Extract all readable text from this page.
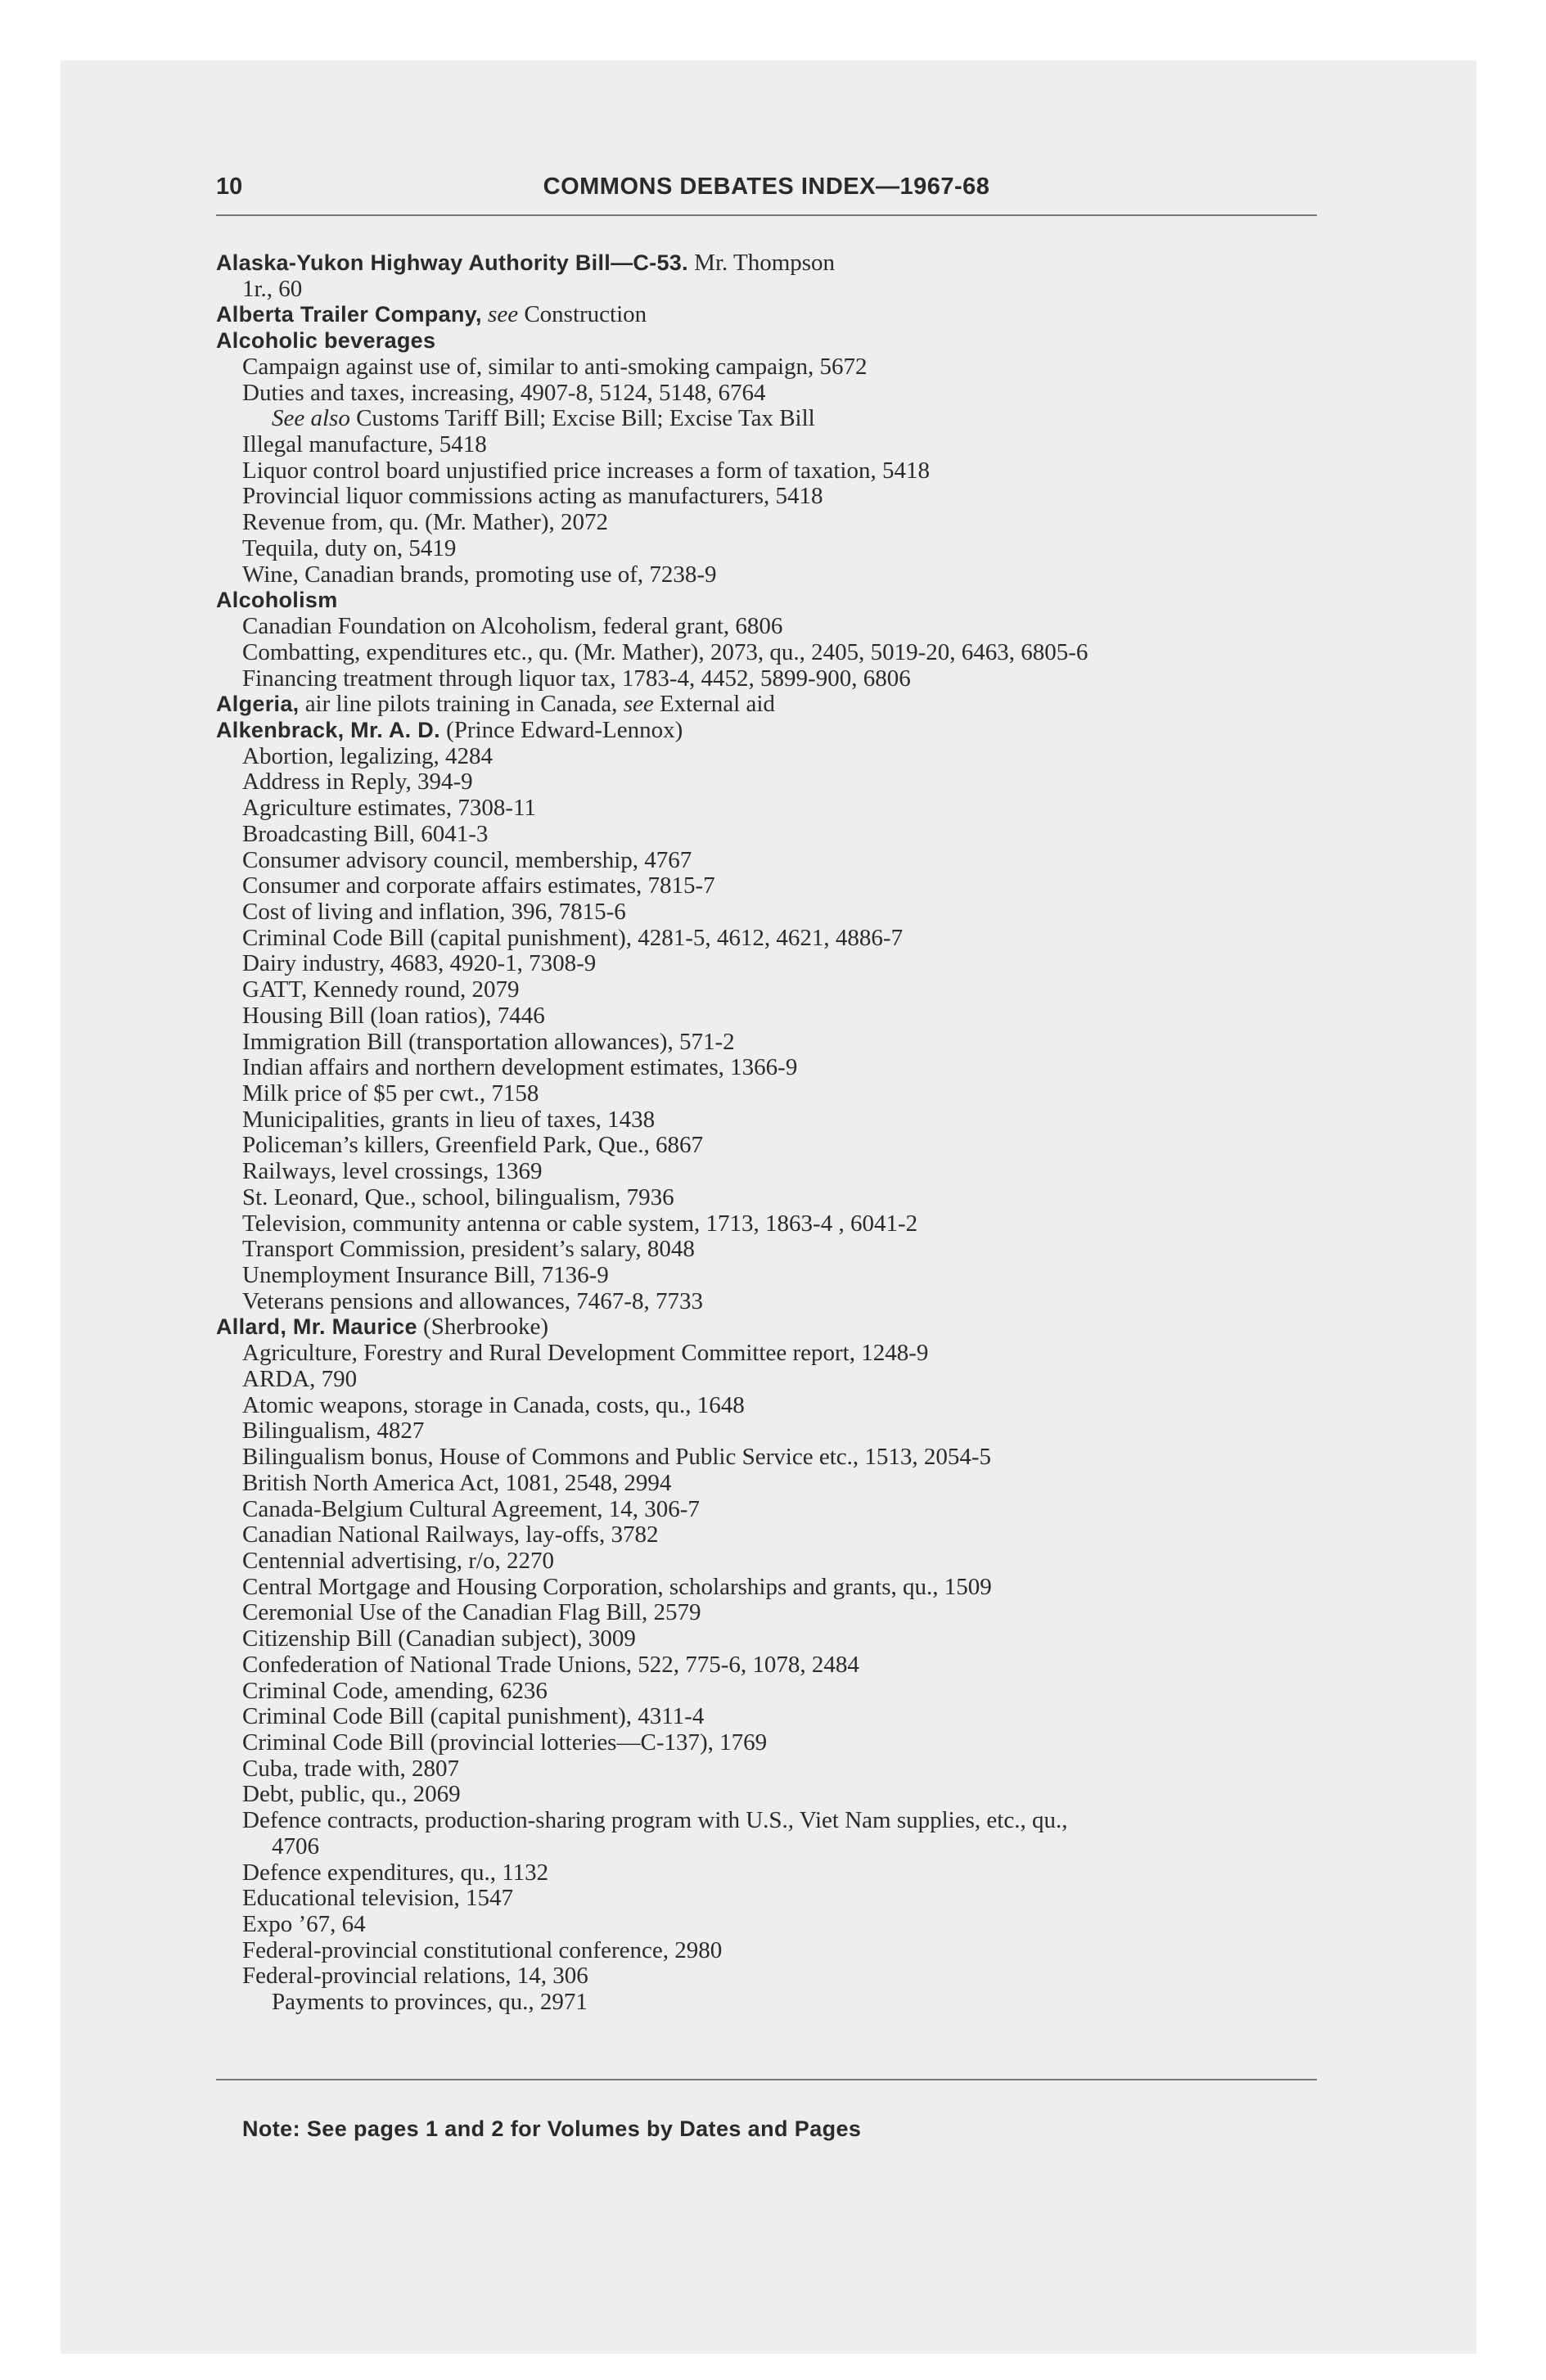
10	COMMONS DEBATES INDEX—1967-68
Alaska-Yukon Highway Authority Bill—C-53. Mr. Thompson
1r., 60
Alberta Trailer Company, see Construction
Alcoholic beverages
Campaign against use of, similar to anti-smoking campaign, 5672
Duties and taxes, increasing, 4907-8, 5124, 5148, 6764
See also Customs Tariff Bill; Excise Bill; Excise Tax Bill
Illegal manufacture, 5418
Liquor control board unjustified price increases a form of taxation, 5418
Provincial liquor commissions acting as manufacturers, 5418
Revenue from, qu. (Mr. Mather), 2072
Tequila, duty on, 5419
Wine, Canadian brands, promoting use of, 7238-9
Alcoholism
Canadian Foundation on Alcoholism, federal grant, 6806
Combatting, expenditures etc., qu. (Mr. Mather), 2073, qu., 2405, 5019-20, 6463, 6805-6
Financing treatment through liquor tax, 1783-4, 4452, 5899-900, 6806
Algeria, air line pilots training in Canada, see External aid
Alkenbrack, Mr. A. D. (Prince Edward-Lennox)
Abortion, legalizing, 4284
Address in Reply, 394-9
Agriculture estimates, 7308-11
Broadcasting Bill, 6041-3
Consumer advisory council, membership, 4767
Consumer and corporate affairs estimates, 7815-7
Cost of living and inflation, 396, 7815-6
Criminal Code Bill (capital punishment), 4281-5, 4612, 4621, 4886-7
Dairy industry, 4683, 4920-1, 7308-9
GATT, Kennedy round, 2079
Housing Bill (loan ratios), 7446
Immigration Bill (transportation allowances), 571-2
Indian affairs and northern development estimates, 1366-9
Milk price of $5 per cwt., 7158
Municipalities, grants in lieu of taxes, 1438
Policeman’s killers, Greenfield Park, Que., 6867
Railways, level crossings, 1369
St. Leonard, Que., school, bilingualism, 7936
Television, community antenna or cable system, 1713, 1863-4 , 6041-2
Transport Commission, president’s salary, 8048
Unemployment Insurance Bill, 7136-9
Veterans pensions and allowances, 7467-8, 7733
Allard, Mr. Maurice (Sherbrooke)
Agriculture, Forestry and Rural Development Committee report, 1248-9
ARDA, 790
Atomic weapons, storage in Canada, costs, qu., 1648
Bilingualism, 4827
Bilingualism bonus, House of Commons and Public Service etc., 1513, 2054-5
British North America Act, 1081, 2548, 2994
Canada-Belgium Cultural Agreement, 14, 306-7
Canadian National Railways, lay-offs, 3782
Centennial advertising, r/o, 2270
Central Mortgage and Housing Corporation, scholarships and grants, qu., 1509
Ceremonial Use of the Canadian Flag Bill, 2579
Citizenship Bill (Canadian subject), 3009
Confederation of National Trade Unions, 522, 775-6, 1078, 2484
Criminal Code, amending, 6236
Criminal Code Bill (capital punishment), 4311-4
Criminal Code Bill (provincial lotteries—C-137), 1769
Cuba, trade with, 2807
Debt, public, qu., 2069
Defence contracts, production-sharing program with U.S., Viet Nam supplies, etc., qu.,
4706
Defence expenditures, qu., 1132
Educational television, 1547
Expo ’67, 64
Federal-provincial constitutional conference, 2980
Federal-provincial relations, 14, 306
Payments to provinces, qu., 2971
Note: See pages 1 and 2 for Volumes by Dates and Pages
